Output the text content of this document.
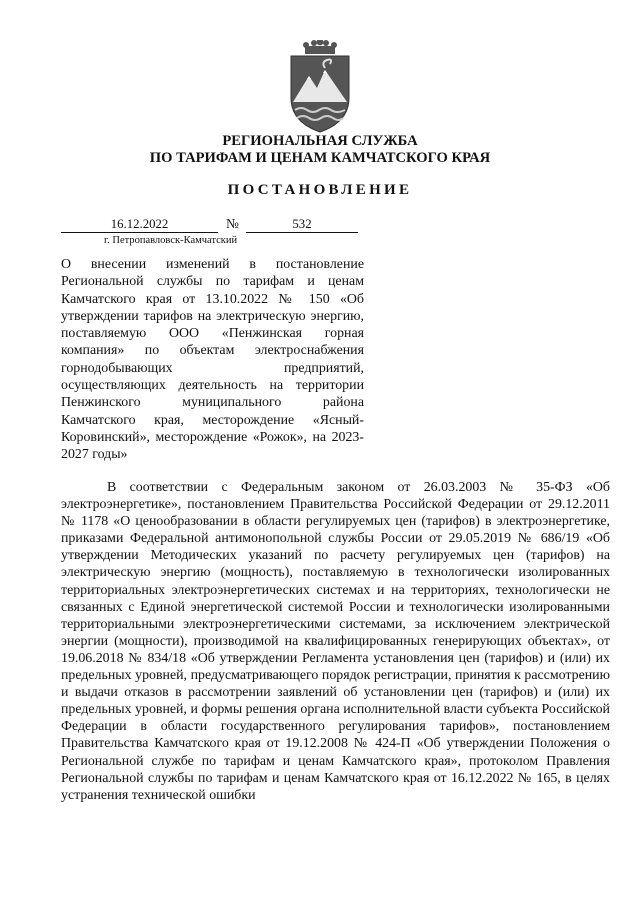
РЕГИОНАЛЬНАЯ СЛУЖБА
ПО ТАРИФАМ И ЦЕНАМ КАМЧАТСКОГО КРАЯ
ПОСТАНОВЛЕНИЕ
16.12.2022	№	532
г. Петропавловск-Камчатский
О внесении изменений в постановление Региональной службы по тарифам и ценам Камчатского края от 13.10.2022 № 150 «Об утверждении тарифов на электрическую энергию, поставляемую ООО «Пенжинская горная компания» по объектам электроснабжения горнодобывающих предприятий, осуществляющих деятельность на территории Пенжинского муниципального района Камчатского края, месторождение «Ясный-Коровинский», месторождение «Рожок», на 2023-2027 годы»
В соответствии с Федеральным законом от 26.03.2003 № 35-ФЗ «Об электроэнергетике», постановлением Правительства Российской Федерации от 29.12.2011 № 1178 «О ценообразовании в области регулируемых цен (тарифов) в электроэнергетике, приказами Федеральной антимонопольной службы России от 29.05.2019 № 686/19 «Об утверждении Методических указаний по расчету регулируемых цен (тарифов) на электрическую энергию (мощность), поставляемую в технологически изолированных территориальных электроэнергетических системах и на территориях, технологически не связанных с Единой энергетической системой России и технологически изолированными территориальными электроэнергетическими системами, за исключением электрической энергии (мощности), производимой на квалифицированных генерирующих объектах», от 19.06.2018 № 834/18 «Об утверждении Регламента установления цен (тарифов) и (или) их предельных уровней, предусматривающего порядок регистрации, принятия к рассмотрению и выдачи отказов в рассмотрении заявлений об установлении цен (тарифов) и (или) их предельных уровней, и формы решения органа исполнительной власти субъекта Российской Федерации в области государственного регулирования тарифов», постановлением Правительства Камчатского края от 19.12.2008 № 424-П «Об утверждении Положения о Региональной службе по тарифам и ценам Камчатского края», протоколом Правления Региональной службы по тарифам и ценам Камчатского края от 16.12.2022 № 165, в целях устранения технической ошибки
